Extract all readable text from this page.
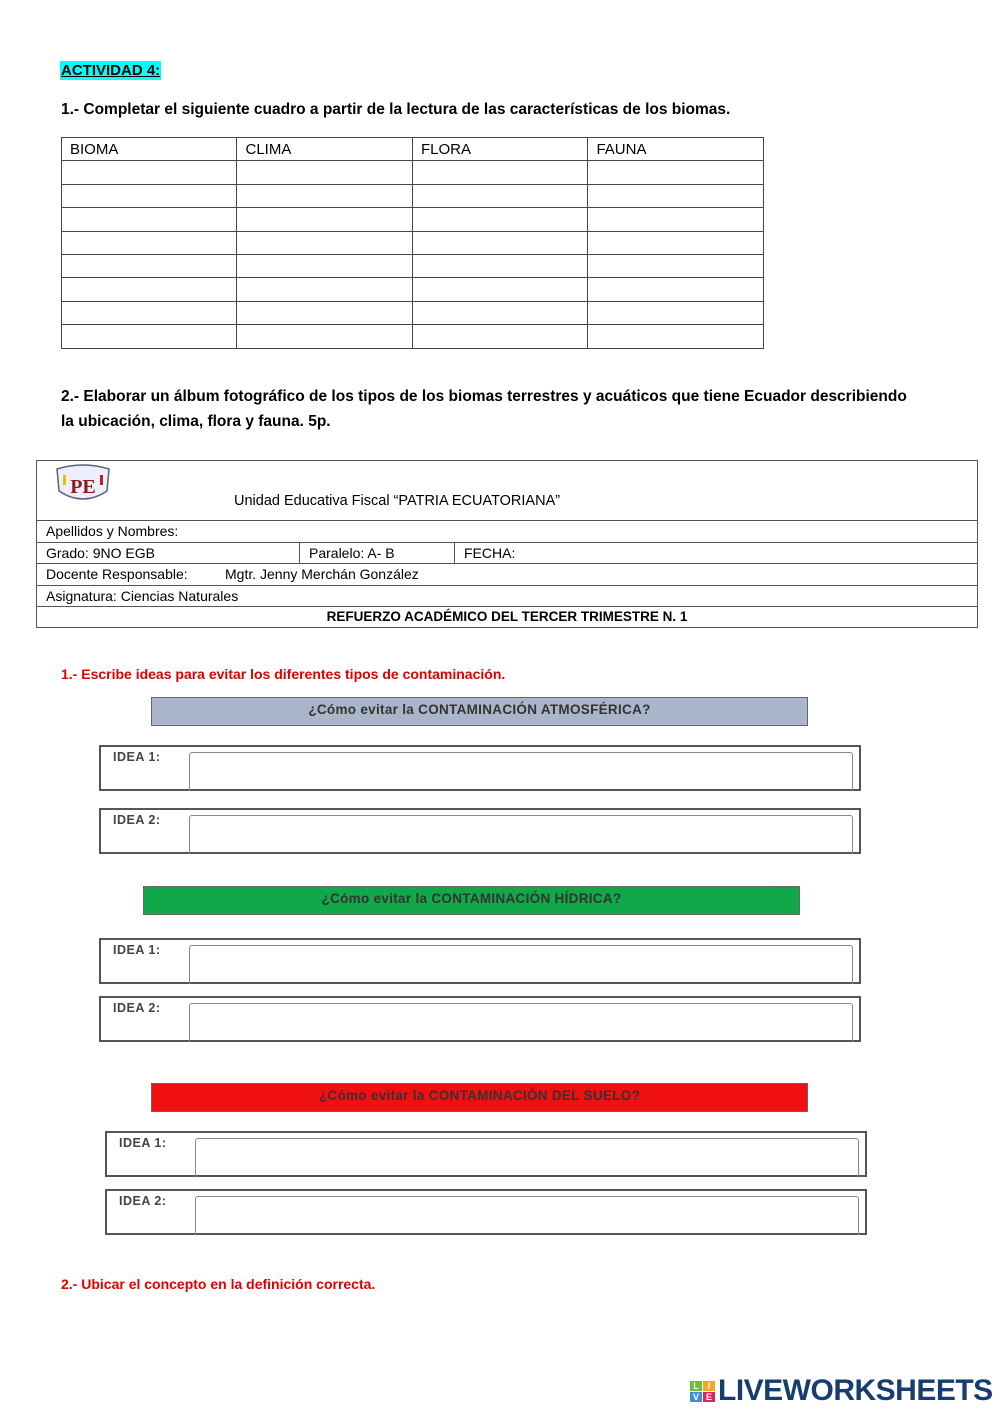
ACTIVIDAD 4:
1.- Completar el siguiente cuadro a partir de la lectura de las características de los biomas.
BIOMA	CLIMA	FLORA	FAUNA

2.- Elaborar un álbum fotográfico de los tipos de los biomas terrestres y acuáticos que tiene Ecuador describiendo
la ubicación, clima, flora y fauna. 5p.
PE
Unidad Educativa Fiscal “PATRIA ECUATORIANA”
Apellidos y Nombres:
Grado: 9NO EGB	Paralelo: A- B	FECHA:
Docente Responsable:	Mgtr. Jenny Merchán González
Asignatura: Ciencias Naturales
REFUERZO ACADÉMICO DEL TERCER TRIMESTRE N. 1
1.- Escribe ideas para evitar los diferentes tipos de contaminación.
¿Cómo evitar la CONTAMINACIÓN ATMOSFÉRICA?
IDEA 1:
IDEA 2:
¿Cómo evitar la CONTAMINACIÓN HÍDRICA?
IDEA 1:
IDEA 2:
¿Cómo evitar la CONTAMINACIÓN DEL SUELO?
IDEA 1:
IDEA 2:
2.- Ubicar el concepto en la definición correcta.
L I
V E LIVEWORKSHEETS
